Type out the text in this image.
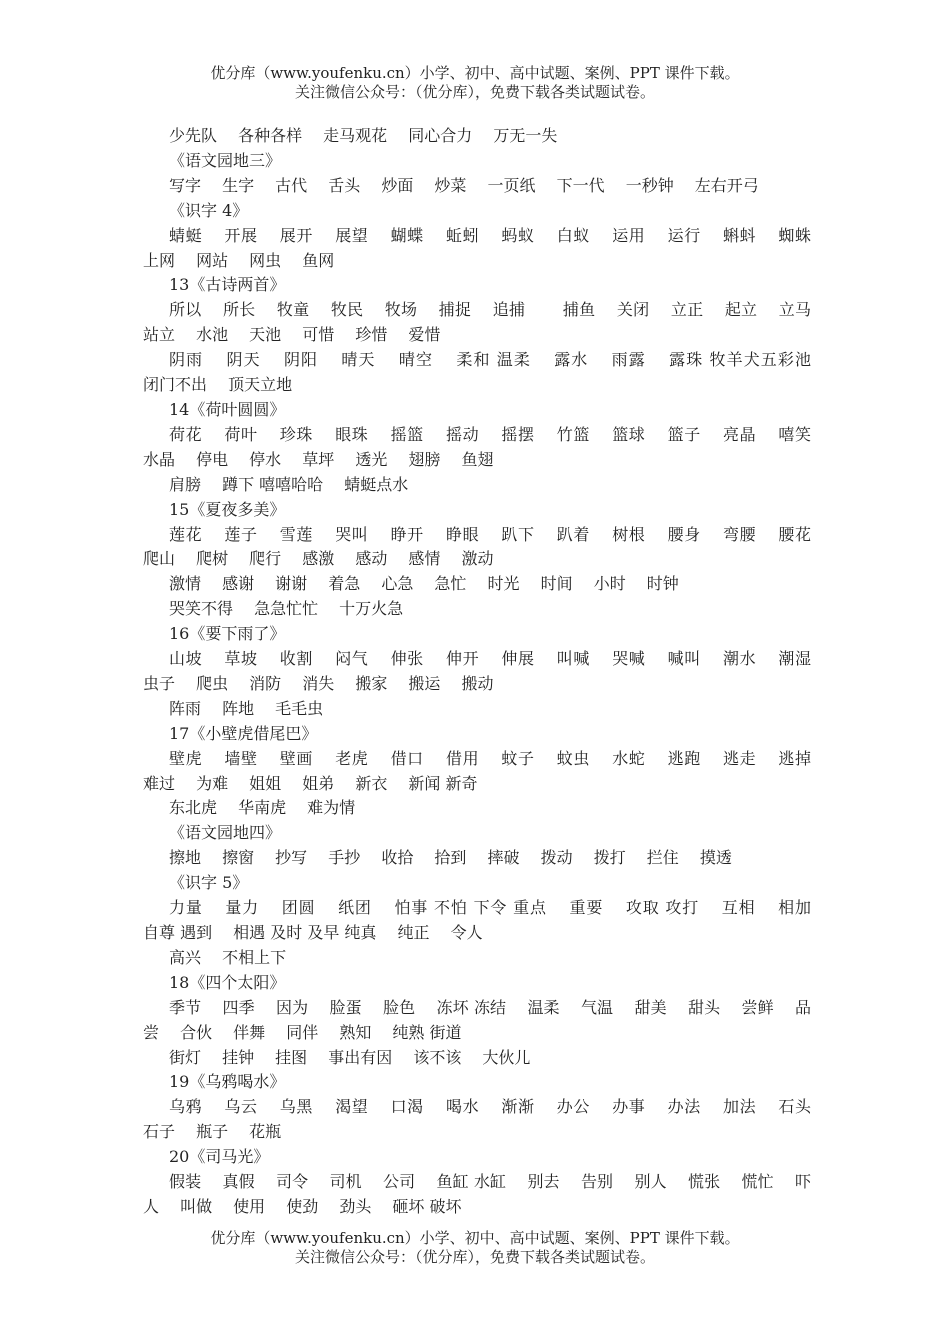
优分库（www.youfenku.cn）小学、初中、高中试题、案例、PPT 课件下载。
关注微信公众号：（优分库），免费下载各类试题试卷。

少先队　 各种各样　 走马观花　 同心合力　 万无一失

《语文园地三》

写字　 生字　 古代　 舌头　 炒面　 炒菜　 一页纸　 下一代　 一秒钟　 左右开弓

《识字 4》

蜻蜓　 开展　 展开　 展望　 蝴蝶　 蚯蚓　 蚂蚁　 白蚁　 运用　 运行　 蝌蚪　 蜘蛛　 上网　 网站　 网虫　 鱼网

13《古诗两首》

所以　 所长　 牧童　 牧民　 牧场　 捕捉　 追捕　　 捕鱼　 关闭　 立正　 起立　 立马　 站立　 水池　 天池　 可惜　 珍惜　 爱惜

阴雨　 阴天　 阴阳　 晴天　 晴空　 柔和 温柔　 露水　 雨露　 露珠 牧羊犬五彩池　　　闭门不出　 顶天立地

14《荷叶圆圆》

荷花　 荷叶　 珍珠　 眼珠　 摇篮　 摇动　 摇摆　 竹篮　 篮球　 篮子　 亮晶　 嘻笑　 水晶　 停电　 停水　 草坪　 透光　 翅膀　 鱼翅

肩膀　 蹲下 嘻嘻哈哈　 蜻蜓点水

15《夏夜多美》

莲花　 莲子　 雪莲　 哭叫　 睁开　 睁眼　 趴下　 趴着　 树根　 腰身　 弯腰　 腰花　 爬山　 爬树　 爬行　 感激　 感动　 感情　 激动

激情　 感谢　 谢谢　 着急　 心急　 急忙　 时光　 时间　 小时　 时钟

哭笑不得　 急急忙忙　 十万火急

16《要下雨了》

山坡　 草坡　 收割　 闷气　 伸张　 伸开　 伸展　 叫喊　 哭喊　 喊叫　 潮水　 潮湿　 虫子　 爬虫　 消防　 消失　 搬家　 搬运　 搬动

阵雨　 阵地　 毛毛虫

17《小壁虎借尾巴》

壁虎　 墙壁　 壁画　 老虎　 借口　 借用　 蚊子　 蚊虫　 水蛇　 逃跑　 逃走　 逃掉　 难过　 为难　 姐姐　 姐弟　 新衣　 新闻 新奇

东北虎　 华南虎　 难为情

《语文园地四》

擦地　 擦窗　 抄写　 手抄　 收拾　 拾到　 摔破　 拨动　 拨打　 拦住　 摸透

《识字 5》

力量　 量力　 团圆　 纸团　 怕事 不怕 下令 重点　 重要　 攻取 攻打　 互相　 相加　 自尊 遇到　 相遇 及时 及早 纯真　 纯正　 令人

高兴　 不相上下

18《四个太阳》

季节　 四季　 因为　 脸蛋　 脸色　 冻坏 冻结　 温柔　 气温　 甜美　 甜头　 尝鲜　 品尝　 合伙　 伴舞　 同伴　 熟知　 纯熟 街道

街灯　 挂钟　 挂图　 事出有因　 该不该　 大伙儿

19《乌鸦喝水》

乌鸦　 乌云　 乌黑　 渴望　 口渴　 喝水　 渐渐　 办公　 办事　 办法　 加法　 石头　　 石子　 瓶子　 花瓶

20《司马光》

假装　 真假　 司令　 司机　 公司　 鱼缸 水缸　 别去　 告别　 别人　 慌张　 慌忙　 吓人　 叫做　 使用　 使劲　 劲头　 砸坏 破坏

优分库（www.youfenku.cn）小学、初中、高中试题、案例、PPT 课件下载。
关注微信公众号：（优分库），免费下载各类试题试卷。
